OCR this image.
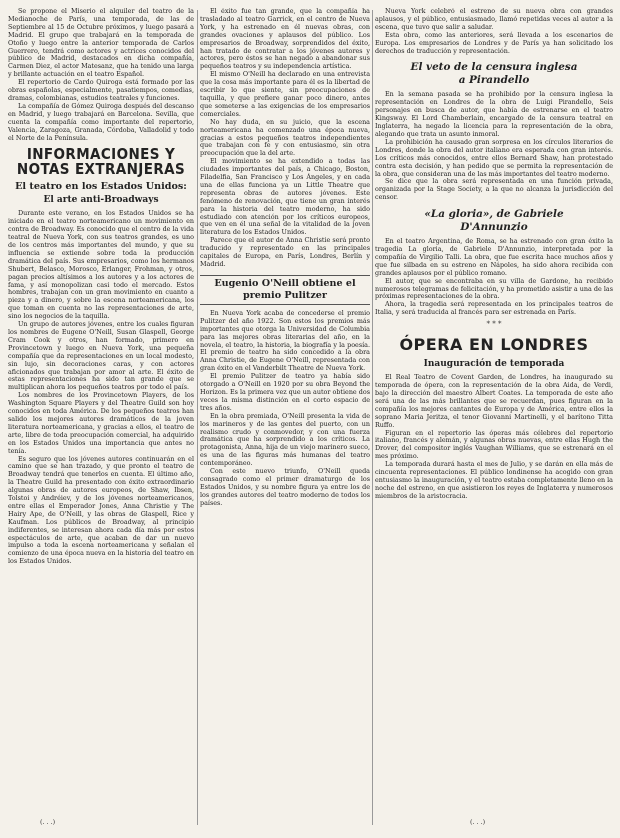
Se propone el Miserio el alquiler del teatro de la Medianoche de París, una temporada, de las de Septiembre al 15 de Octubre próximos, y luego pasará a Madrid. El grupo que trabajará en la temporada de Otoño y luego entre la anterior temporada de Carlos Guerrero, tendrá como actores y actrices conocidos del público de Madrid, destacados en dicha compañía, Carmen Diez, el actor Matesanz, que ha tenido una larga y brillante actuación en el teatro Español.

El repertorio de Cardo Quiroga está formado por las obras españolas, especialmente, pasatiempos, comedias, dramas, colombianas, estudios teatrales y funciones.

La compañía de Gómez Quiroga después del descanso en Madrid, y luego trabajará en Barcelona. Sevilla, que cuenta la compañía como importante del repertorio, Valencia, Zaragoza, Granada, Córdoba, Valladolid y todo el Norte de la Península.

INFORMACIONES Y NOTAS EXTRANJERAS
El teatro en los Estados Unidos:
El arte anti-Broadways

Durante este verano, en los Estados Unidos se ha iniciado en el teatro norteamericano un movimiento en contra de Broadway. Es conocido que el centro de la vida teatral de Nueva York, con sus teatros grandes, es uno de los centros más importantes del mundo, y que su influencia se extiende sobre toda la producción dramática del país. Sus empresarios, como los hermanos Shubert, Belasco, Morosco, Erlanger, Frohman, y otros, pagan precios altísimos a los autores y a los actores de fama, y así monopolizan casi todo el mercado. Estos hombres, trabajan con un gran movimiento en cuanto a pieza y a dinero, y sobre la escena norteamericana, los que toman en cuenta no las representaciones de arte, sino los negocios de la taquilla.

Un grupo de autores jóvenes, entre los cuales figuran los nombres de Eugene O'Neill, Susan Glaspell, George Cram Cook y otros, han formado, primero en Provincetown y luego en Nueva York, una pequeña compañía que da representaciones en un local modesto, sin lujo, sin decoraciones caras, y con actores aficionados que trabajan por amor al arte. El éxito de estas representaciones ha sido tan grande que se multiplican ahora los pequeños teatros por todo el país.

Los nombres de los Provincetown Players, de los Washington Square Players y del Theatre Guild son hoy conocidos en toda América. De los pequeños teatros han salido los mejores autores dramáticos de la joven literatura norteamericana, y gracias a ellos, el teatro de arte, libre de toda preocupación comercial, ha adquirido en los Estados Unidos una importancia que antes no tenía.

Es seguro que los jóvenes autores continuarán en el camino que se han trazado, y que pronto el teatro de Broadway tendrá que tenerlos en cuenta. El último año, la Theatre Guild ha presentado con éxito extraordinario algunas obras de autores europeos, de Shaw, Ibsen, Tolstoi y Andréiev, y de los jóvenes norteamericanos, entre ellas el Emperador Jones, Anna Christie y The Hairy Ape, de O'Neill, y las obras de Glaspell, Rice y Kaufman. Los públicos de Broadway, al principio indiferentes, se interesan ahora cada día más por estos espectáculos de arte, que acaban de dar un nuevo impulso a toda la escena norteamericana y señalan el comienzo de una época nueva en la historia del teatro en los Estados Unidos.

(. . .)

El éxito fue tan grande, que la compañía ha trasladado al teatro Garrick, en el centro de Nueva York, y ha estrenado en él nuevas obras, con grandes ovaciones y aplausos del público. Los empresarios de Broadway, sorprendidos del éxito, han tratado de contratar a los jóvenes autores y actores, pero éstos se han negado a abandonar sus pequeños teatros y su independencia artística.

El mismo O'Neill ha declarado en una entrevista que la cosa más importante para él es la libertad de escribir lo que siente, sin preocupaciones de taquilla, y que prefiere ganar poco dinero, antes que someterse a las exigencias de los empresarios comerciales.

No hay duda, en su juicio, que la escena norteamericana ha comenzado una época nueva, gracias a estos pequeños teatros independientes que trabajan con fe y con entusiasmo, sin otra preocupación que la del arte.

El movimiento se ha extendido a todas las ciudades importantes del país, a Chicago, Boston, Filadelfia, San Francisco y Los Ángeles, y en cada una de ellas funciona ya un Little Theatre que representa obras de autores jóvenes. Este fenómeno de renovación, que tiene un gran interés para la historia del teatro moderno, ha sido estudiado con atención por los críticos europeos, que ven en él una señal de la vitalidad de la joven literatura de los Estados Unidos.

Parece que el autor de Anna Christie será pronto traducido y representado en las principales capitales de Europa, en París, Londres, Berlín y Madrid.

Eugenio O'Neill obtiene el premio Pulitzer

En Nueva York acaba de concederse el premio Pulitzer del año 1922. Son estos los premios más importantes que otorga la Universidad de Columbia para las mejores obras literarias del año, en la novela, el teatro, la historia, la biografía y la poesía. El premio de teatro ha sido concedido a la obra Anna Christie, de Eugene O'Neill, representada con gran éxito en el Vanderbilt Theatre de Nueva York.

El premio Pulitzer de teatro ya había sido otorgado a O'Neill en 1920 por su obra Beyond the Horizon. Es la primera vez que un autor obtiene dos veces la misma distinción en el corto espacio de tres años.

En la obra premiada, O'Neill presenta la vida de los marineros y de las gentes del puerto, con un realismo crudo y conmovedor, y con una fuerza dramática que ha sorprendido a los críticos. La protagonista, Anna, hija de un viejo marinero sueco, es una de las figuras más humanas del teatro contemporáneo.

Con este nuevo triunfo, O'Neill queda consagrado como el primer dramaturgo de los Estados Unidos, y su nombre figura ya entre los de los grandes autores del teatro moderno de todos los países.

Nueva York celebró el estreno de su nueva obra con grandes aplausos, y el público, entusiasmado, llamó repetidas veces al autor a la escena, que tuvo que salir a saludar.

Esta obra, como las anteriores, será llevada a los escenarios de Europa. Los empresarios de Londres y de París ya han solicitado los derechos de traducción y representación.

El veto de la censura inglesa
a Pirandello

En la semana pasada se ha prohibido por la censura inglesa la representación en Londres de la obra de Luigi Pirandello, Seis personajes en busca de autor, que había de estrenarse en el teatro Kingsway. El Lord Chamberlain, encargado de la censura teatral en Inglaterra, ha negado la licencia para la representación de la obra, alegando que trata un asunto inmoral.

La prohibición ha causado gran sorpresa en los círculos literarios de Londres, donde la obra del autor italiano era esperada con gran interés. Los críticos más conocidos, entre ellos Bernard Shaw, han protestado contra esta decisión, y han pedido que se permita la representación de la obra, que consideran una de las más importantes del teatro moderno.

Se dice que la obra será representada en una función privada, organizada por la Stage Society, a la que no alcanza la jurisdicción del censor.

«La gloria», de Gabriele
D'Annunzio

En el teatro Argentina, de Roma, se ha estrenado con gran éxito la tragedia La gloria, de Gabriele D'Annunzio, interpretada por la compañía de Virgilio Talli. La obra, que fue escrita hace muchos años y que fue silbada en su estreno en Nápoles, ha sido ahora recibida con grandes aplausos por el público romano.

El autor, que se encontraba en su villa de Gardone, ha recibido numerosos telegramas de felicitación, y ha prometido asistir a una de las próximas representaciones de la obra.

Ahora, la tragedia será representada en los principales teatros de Italia, y será traducida al francés para ser estrenada en París.

* * *
ÓPERA EN LONDRES
Inauguración de temporada

El Real Teatro de Covent Garden, de Londres, ha inaugurado su temporada de ópera, con la representación de la obra Aida, de Verdi, bajo la dirección del maestro Albert Coates. La temporada de este año será una de las más brillantes que se recuerdan, pues figuran en la compañía los mejores cantantes de Europa y de América, entre ellos la soprano Maria Jeritza, el tenor Giovanni Martinelli, y el barítono Titta Ruffo.

Figuran en el repertorio las óperas más célebres del repertorio italiano, francés y alemán, y algunas obras nuevas, entre ellas Hugh the Drover, del compositor inglés Vaughan Williams, que se estrenará en el mes próximo.

La temporada durará hasta el mes de Julio, y se darán en ella más de cincuenta representaciones. El público londinense ha acogido con gran entusiasmo la inauguración, y el teatro estaba completamente lleno en la noche del estreno, en que asistieron los reyes de Inglaterra y numerosos miembros de la aristocracia.

(. . .)
